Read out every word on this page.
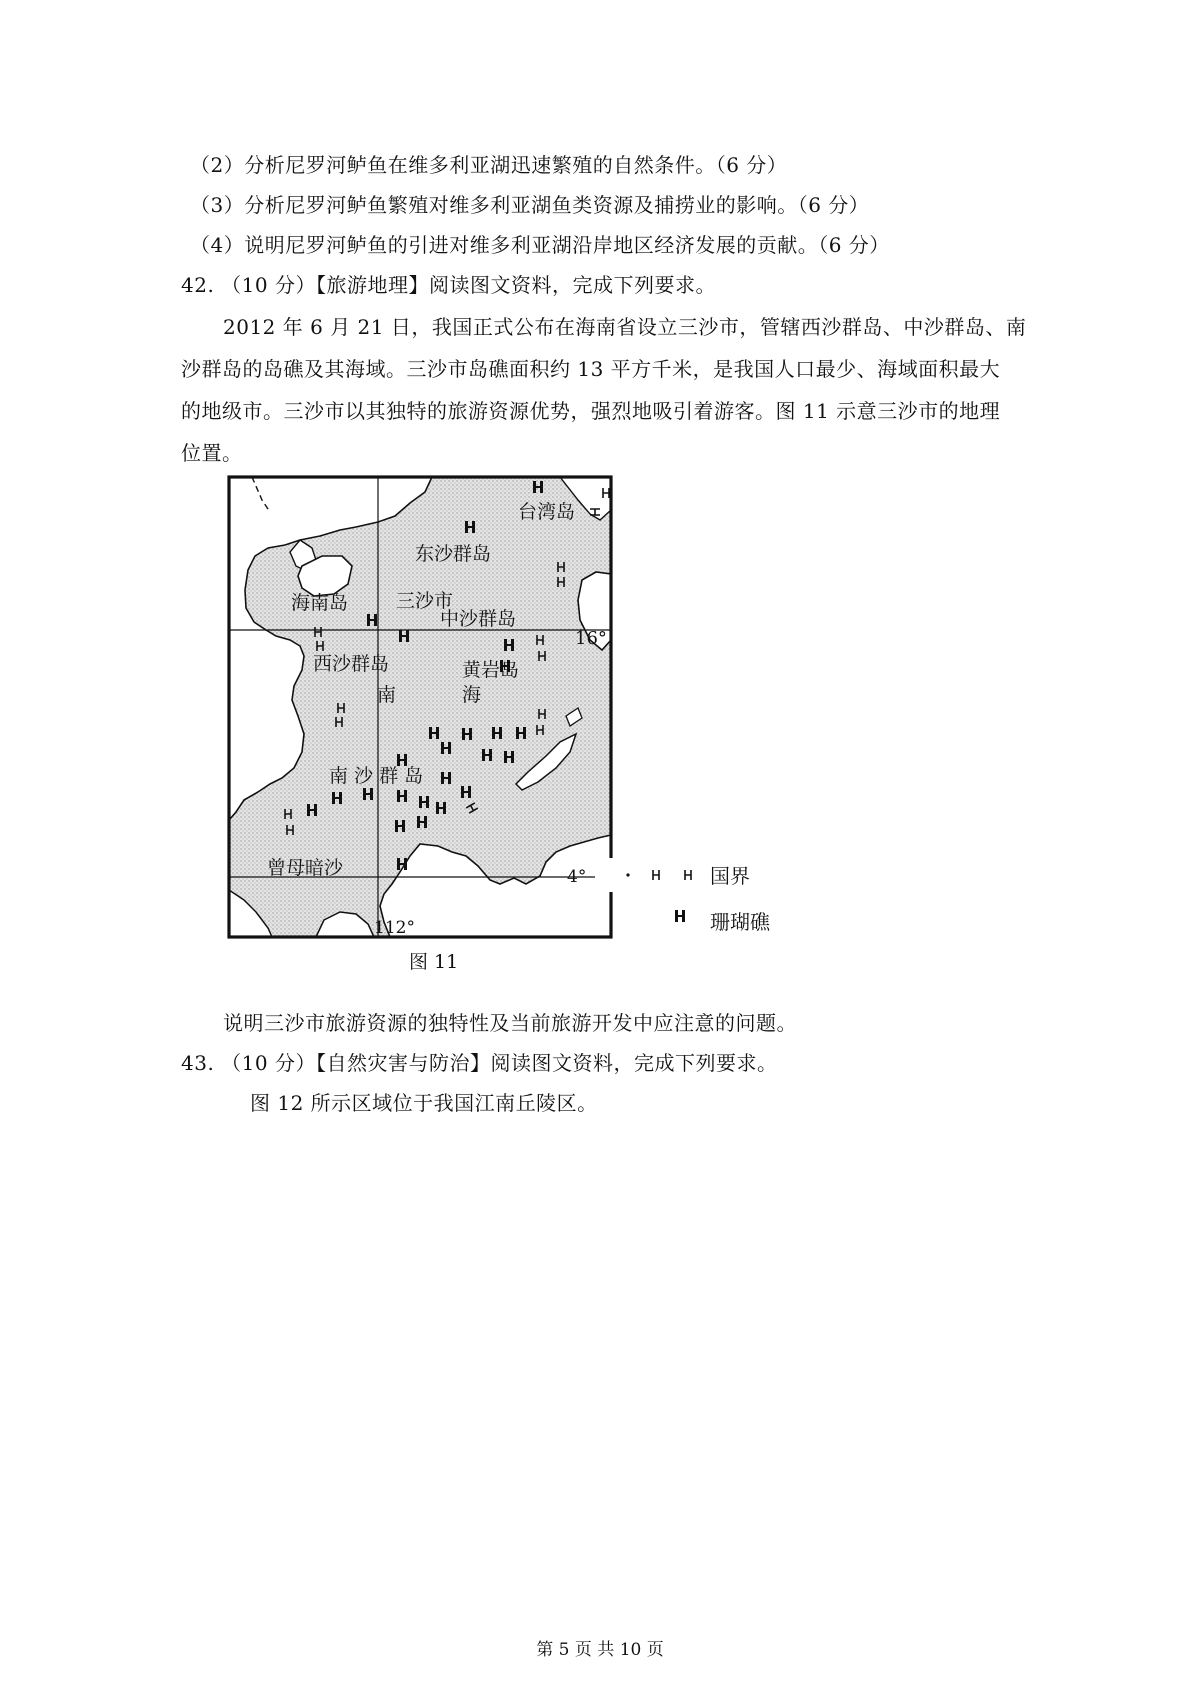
（2）分析尼罗河鲈鱼在维多利亚湖迅速繁殖的自然条件。（6 分）
（3）分析尼罗河鲈鱼繁殖对维多利亚湖鱼类资源及捕捞业的影响。（6 分）
（4）说明尼罗河鲈鱼的引进对维多利亚湖沿岸地区经济发展的贡献。（6 分）
42. （10 分）【旅游地理】阅读图文资料，完成下列要求。
2012 年 6 月 21 日，我国正式公布在海南省设立三沙市，管辖西沙群岛、中沙群岛、南
沙群岛的岛礁及其海域。三沙市岛礁面积约 13 平方千米，是我国人口最少、海域面积最大
的地级市。三沙市以其独特的旅游资源优势，强烈地吸引着游客。图 11 示意三沙市的地理
位置。
台湾岛
东沙群岛
海南岛	三沙市
中沙群岛
西沙群岛
南	海
黄岩岛
南 沙 群 岛
曾母暗沙
16°
4°
112°
国界
珊瑚礁
图 11
说明三沙市旅游资源的独特性及当前旅游开发中应注意的问题。
43. （10 分）【自然灾害与防治】阅读图文资料，完成下列要求。
图 12 所示区域位于我国江南丘陵区。
第 5 页 共 10 页
